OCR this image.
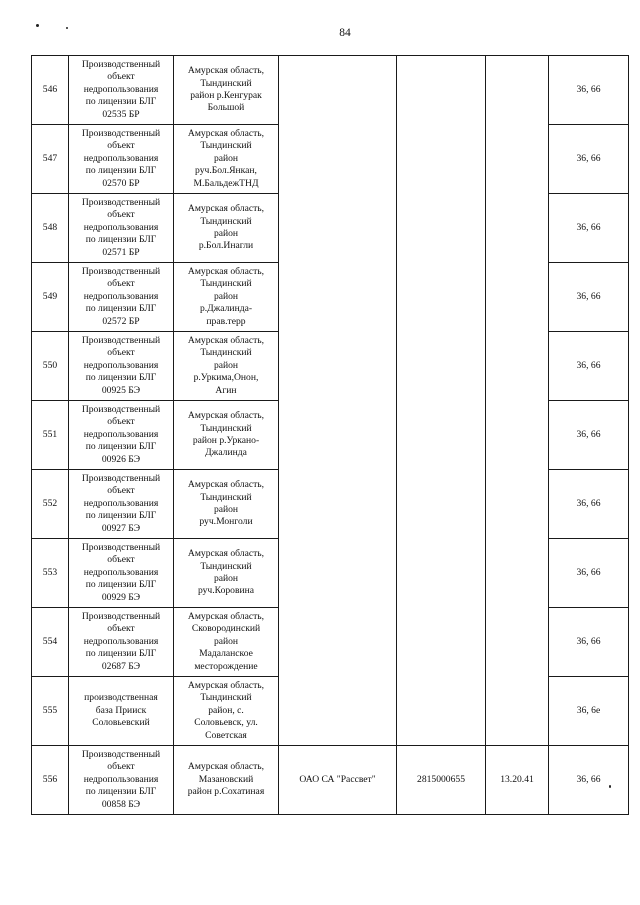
84
546	Производственный
объект
недропользования
по лицензии БЛГ
02535 БР	Амурская область,
Тындинский
район р.Кенгурак
Большой				36, 66
547	Производственный
объект
недропользования
по лицензии БЛГ
02570 БР	Амурская область,
Тындинский
район
руч.Бол.Янкан,
М.БальдежТНД				36, 66
548	Производственный
объект
недропользования
по лицензии БЛГ
02571 БР	Амурская область,
Тындинский
район
р.Бол.Инагли				36, 66
549	Производственный
объект
недропользования
по лицензии БЛГ
02572 БР	Амурская область,
Тындинский
район
р.Джалинда-
прав.терр				36, 66
550	Производственный
объект
недропользования
по лицензии БЛГ
00925 БЭ	Амурская область,
Тындинский
район
р.Уркима,Онон,
Агин				36, 66
551	Производственный
объект
недропользования
по лицензии БЛГ
00926 БЭ	Амурская область,
Тындинский
район р.Уркано-
Джалинда				36, 66
552	Производственный
объект
недропользования
по лицензии БЛГ
00927 БЭ	Амурская область,
Тындинский
район
руч.Монголи				36, 66
553	Производственный
объект
недропользования
по лицензии БЛГ
00929 БЭ	Амурская область,
Тындинский
район
руч.Коровина				36, 66
554	Производственный
объект
недропользования
по лицензии БЛГ
02687 БЭ	Амурская область,
Сковородинский
район
Мадаланское
месторождение				36, 66
555	производственная
база Прииск
Соловьевский	Амурская область,
Тындинский
район, с.
Соловьевск, ул.
Советская				36, 6е
556	Производственный
объект
недропользования
по лицензии БЛГ
00858 БЭ	Амурская область,
Мазановский
район р.Сохатиная	ОАО СА "Рассвет"	2815000655	13.20.41	36, 66
